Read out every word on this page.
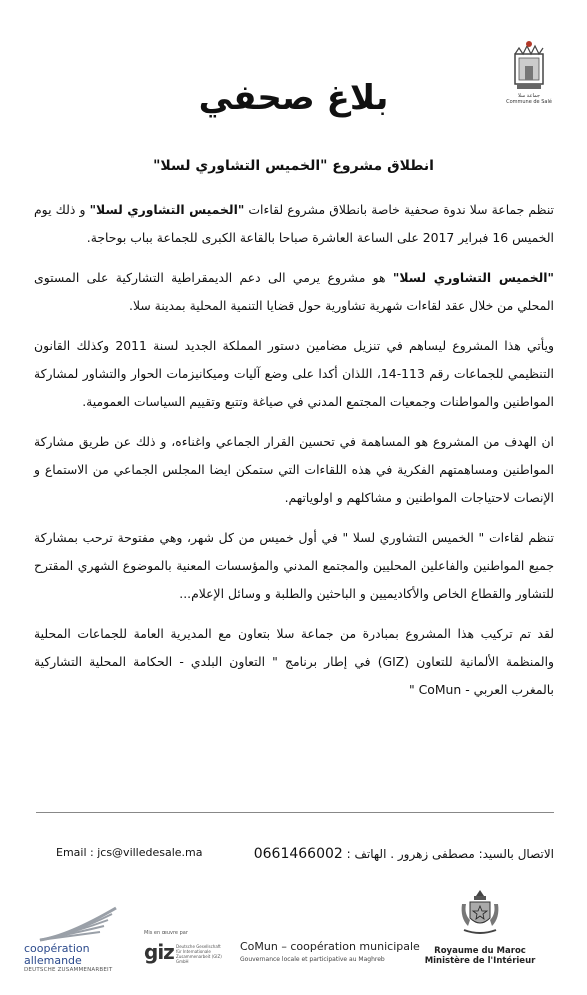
جماعة سلا
Commune de Salé
بلاغ صحفي
انطلاق مشروع "الخميس التشاوري لسلا"

تنظم جماعة سلا ندوة صحفية خاصة بانطلاق مشروع لقاءات "الخميس التشاوري لسلا" و ذلك يوم الخميس 16 فبراير 2017 على الساعة العاشرة صباحا بالقاعة الكبرى للجماعة بباب بوحاجة.

"الخميس التشاوري لسلا" هو مشروع يرمي الى دعم الديمقراطية التشاركية على المستوى المحلي من خلال عقد لقاءات شهرية تشاورية حول قضايا التنمية المحلية بمدينة سلا.

ويأتي هذا المشروع ليساهم في تنزيل مضامين دستور المملكة الجديد لسنة 2011 وكذلك القانون التنظيمي للجماعات رقم 113-14، اللذان أكدا على وضع آليات وميكانيزمات الحوار والتشاور لمشاركة المواطنين والمواطنات وجمعيات المجتمع المدني في صياغة وتتبع وتقييم السياسات العمومية.

ان الهدف من المشروع هو المساهمة في تحسين القرار الجماعي واغناءه، و ذلك عن طريق مشاركة المواطنين ومساهمتهم الفكرية في هذه اللقاءات التي ستمكن ايضا المجلس الجماعي من الاستماع و الإنصات لاحتياجات المواطنين و مشاكلهم و اولوياتهم.

تنظم لقاءات " الخميس التشاوري لسلا " في أول خميس من كل شهر، وهي مفتوحة ترحب بمشاركة جميع المواطنين والفاعلين المحليين والمجتمع المدني والمؤسسات المعنية بالموضوع الشهري المقترح للتشاور والقطاع الخاص والأكاديميين و الباحثين والطلبة و وسائل الإعلام...

لقد تم تركيب هذا المشروع بمبادرة من جماعة سلا بتعاون مع المديرية العامة للجماعات المحلية والمنظمة الألمانية للتعاون (GIZ) في إطار برنامج " التعاون البلدي - الحكامة المحلية التشاركية بالمغرب العربي - CoMun "

الاتصال بالسيد: مصطفى زهرور . الهاتف : 0661466002
Email : jcs@villedesale.ma
coopération
allemande
DEUTSCHE ZUSAMMENARBEIT
Mis en œuvre par
giz Deutsche Gesellschaft für Internationale Zusammenarbeit (GIZ) GmbH
CoMun – coopération municipale
Gouvernance locale et participative au Maghreb
Royaume du Maroc
Ministère de l'Intérieur
